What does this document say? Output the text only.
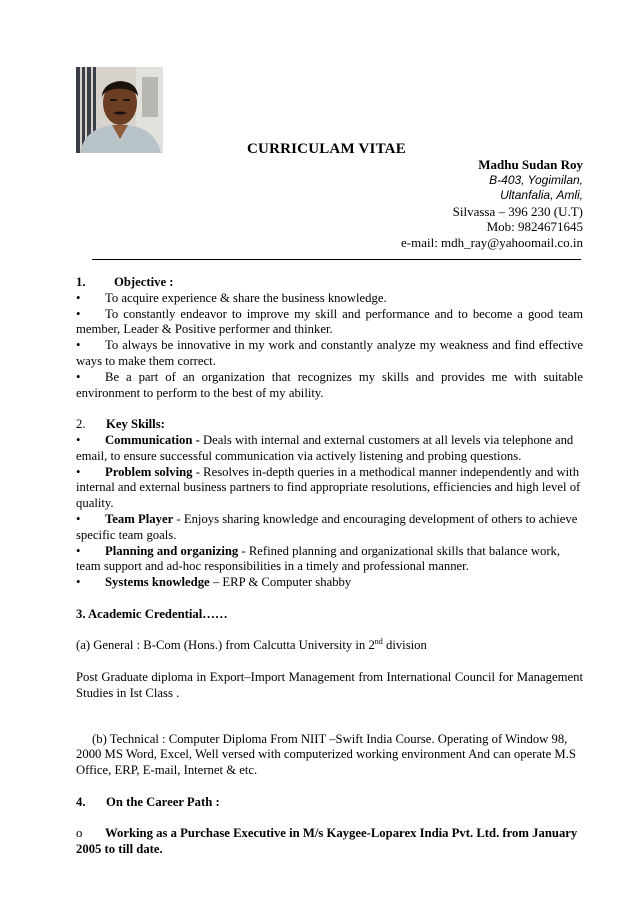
CURRICULAM VITAE
Madhu Sudan Roy
B-403, Yogimilan,
Ultanfalia, Amli,
Silvassa – 396 230 (U.T)
Mob: 9824671645
e-mail: mdh_ray@yahoomail.co.in

1. Objective :

• To acquire experience & share the business knowledge.

• To constantly endeavor to improve my skill and performance and to become a good team member, Leader & Positive performer and thinker.

• To always be innovative in my work and constantly analyze my weakness and find effective ways to make them correct.

• Be a part of an organization that recognizes my skills and provides me with suitable environment to perform to the best of my ability.

2. Key Skills:

• Communication - Deals with internal and external customers at all levels via telephone and email, to ensure successful communication via actively listening and probing questions.

• Problem solving - Resolves in-depth queries in a methodical manner independently and with internal and external business partners to find appropriate resolutions, efficiencies and high level of quality.

• Team Player - Enjoys sharing knowledge and encouraging development of others to achieve specific team goals.

• Planning and organizing - Refined planning and organizational skills that balance work, team support and ad-hoc responsibilities in a timely and professional manner.

• Systems knowledge – ERP & Computer shabby

3. Academic Credential……

(a) General : B-Com (Hons.) from Calcutta University in 2nd division

Post Graduate diploma in Export–Import Management from International Council for Management Studies in Ist Class .

(b) Technical : Computer Diploma From NIIT –Swift India Course. Operating of Window 98, 2000 MS Word, Excel, Well versed with computerized working environment And can operate M.S Office, ERP, E-mail, Internet & etc.

4. On the Career Path :

o Working as a Purchase Executive in M/s Kaygee-Loparex India Pvt. Ltd. from January 2005 to till date.
